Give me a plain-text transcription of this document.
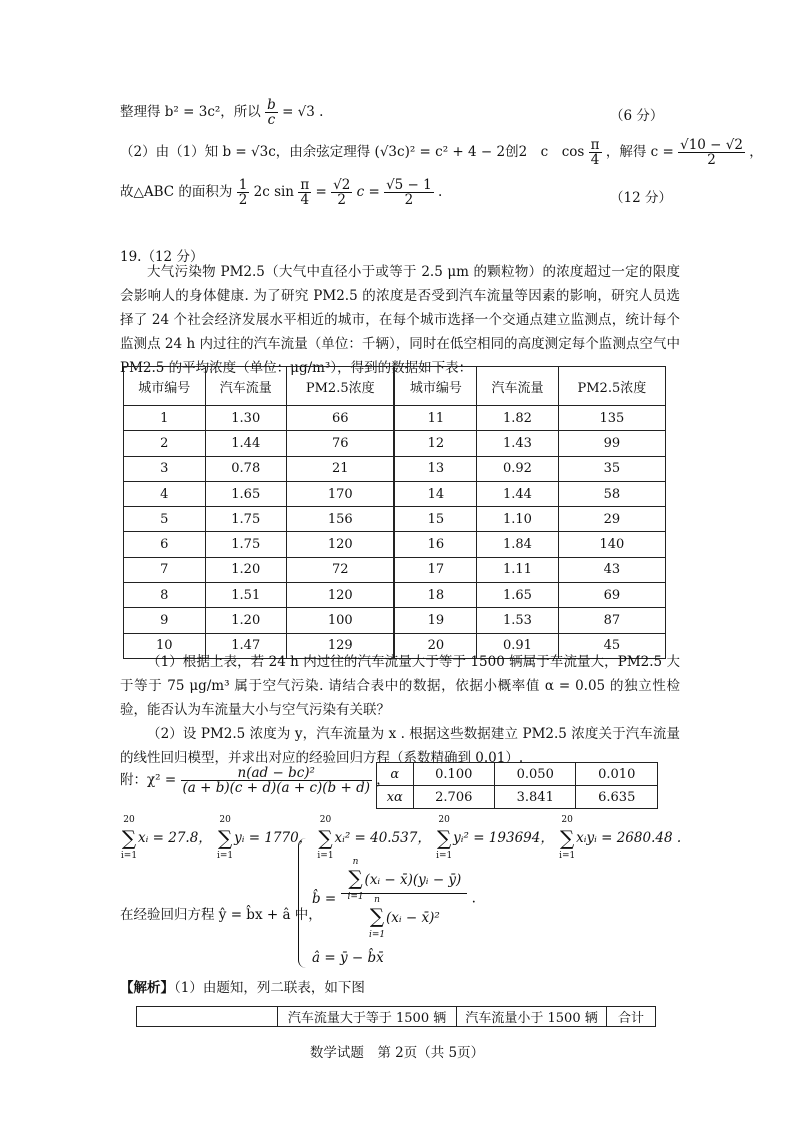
整理得 b² = 3c²，所以 $\frac{b}{c} = √3$ .	（6 分）
（2）由（1）知 b = √3c，由余弦定理得 (√3c)² = c² + 4 − 2创2　c　$\cos \frac{\pi}{4}$ ，解得 $c = \frac{√10 - √2}{2}$ ，
故△ABC 的面积为 $\frac{1}{2} 2c$ $\sin \frac{\pi}{4} = \frac{√2}{2}$ $c = \frac{√5 - 1}{2}$ .	（12 分）
19.（12 分）
大气污染物 PM2.5（大气中直径小于或等于 2.5 μm 的颗粒物）的浓度超过一定的限度会影响人的身体健康. 为了研究 PM2.5 的浓度是否受到汽车流量等因素的影响，研究人员选择了 24 个社会经济发展水平相近的城市，在每个城市选择一个交通点建立监测点，统计每个监测点 24 h 内过往的汽车流量（单位：千辆），同时在低空相同的高度测定每个监测点空气中 PM2.5 的平均浓度（单位：μg/m³），得到的数据如下表：
城市编号	汽车流量	PM2.5浓度	城市编号	汽车流量	PM2.5浓度
1	1.30	66	11	1.82	135
2	1.44	76	12	1.43	99
3	0.78	21	13	0.92	35
4	1.65	170	14	1.44	58
5	1.75	156	15	1.10	29
6	1.75	120	16	1.84	140
7	1.20	72	17	1.11	43
8	1.51	120	18	1.65	69
9	1.20	100	19	1.53	87
10	1.47	129	20	0.91	45
（1）根据上表，若 24 h 内过往的汽车流量大于等于 1500 辆属于车流量大，PM2.5 大于等于 75 μg/m³ 属于空气污染. 请结合表中的数据，依据小概率值 α = 0.05 的独立性检验，能否认为车流量大小与空气污染有关联？
（2）设 PM2.5 浓度为 y，汽车流量为 x . 根据这些数据建立 PM2.5 浓度关于汽车流量的线性回归模型，并求出对应的经验回归方程（系数精确到 0.01）.
附：$\chi^2 = \frac{\text{n(ad − bc)²}}{(a + b)(c + d)(a + c)(b + d)}$ ， α	0.100	0.050	0.010
xα	2.706	3.841	6.635
20
∑
i=1
xᵢ = 27.8，
20
∑
i=1
yᵢ = 1770，
20
∑
i=1
xᵢ² = 40.537，
20
∑
i=1
yᵢ² = 193694，
20
∑
i=1
xᵢyᵢ = 2680.48 .
在经验回归方程 ŷ = b̂x + â 中，
b̂ = n
∑
i=1
(xᵢ − x̄)(yᵢ − ȳ)
n
∑
i=1
(xᵢ − x̄)² .
â = ȳ − b̂x̄
【解析】（1）由题知，列二联表，如下图
	汽车流量大于等于 1500 辆	汽车流量小于 1500 辆	合计
数学试题　第 2页（共 5页）
